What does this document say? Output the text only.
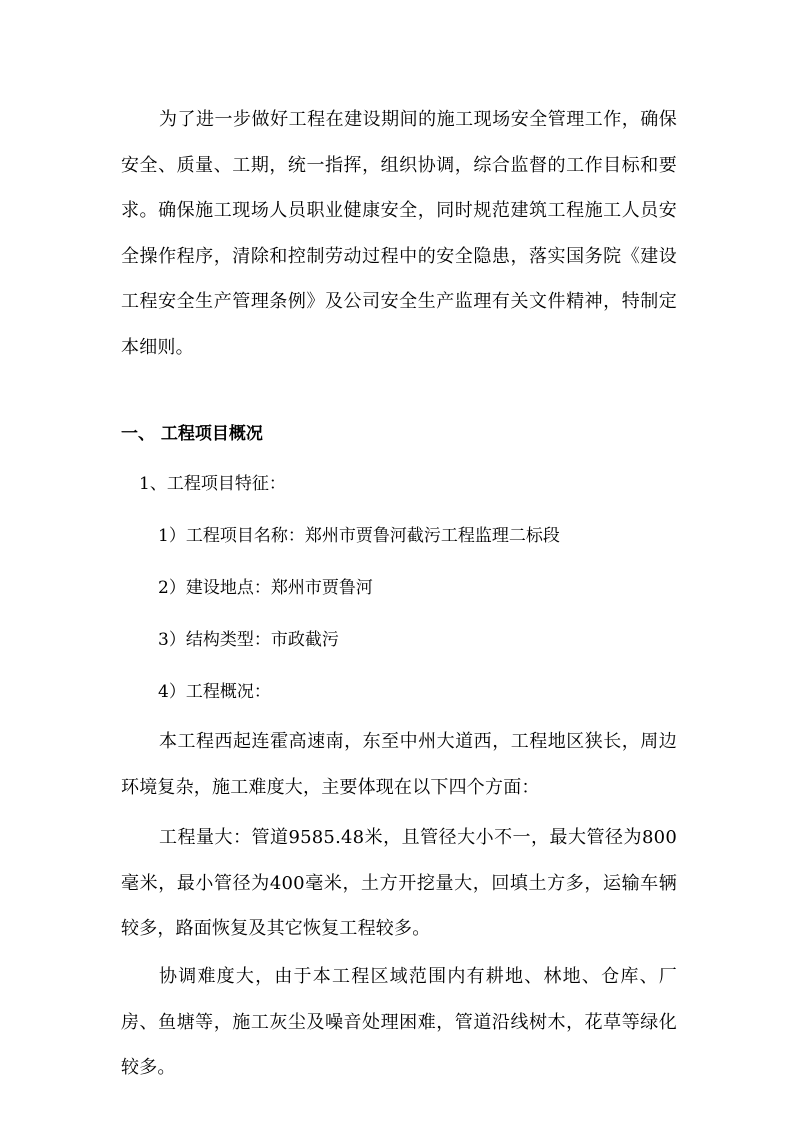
为了进一步做好工程在建设期间的施工现场安全管理工作，确保安全、质量、工期，统一指挥，组织协调，综合监督的工作目标和要求。确保施工现场人员职业健康安全，同时规范建筑工程施工人员安全操作程序，清除和控制劳动过程中的安全隐患，落实国务院《建设工程安全生产管理条例》及公司安全生产监理有关文件精神，特制定本细则。

一、 工程项目概况

1、工程项目特征：

1）工程项目名称：郑州市贾鲁河截污工程监理二标段

2）建设地点：郑州市贾鲁河

3）结构类型：市政截污

4）工程概况：

本工程西起连霍高速南，东至中州大道西，工程地区狭长，周边环境复杂，施工难度大，主要体现在以下四个方面：

工程量大：管道9585.48米，且管径大小不一，最大管径为800毫米，最小管径为400毫米，土方开挖量大，回填土方多，运输车辆较多，路面恢复及其它恢复工程较多。

协调难度大，由于本工程区域范围内有耕地、林地、仓库、厂房、鱼塘等，施工灰尘及噪音处理困难，管道沿线树木，花草等绿化较多。
